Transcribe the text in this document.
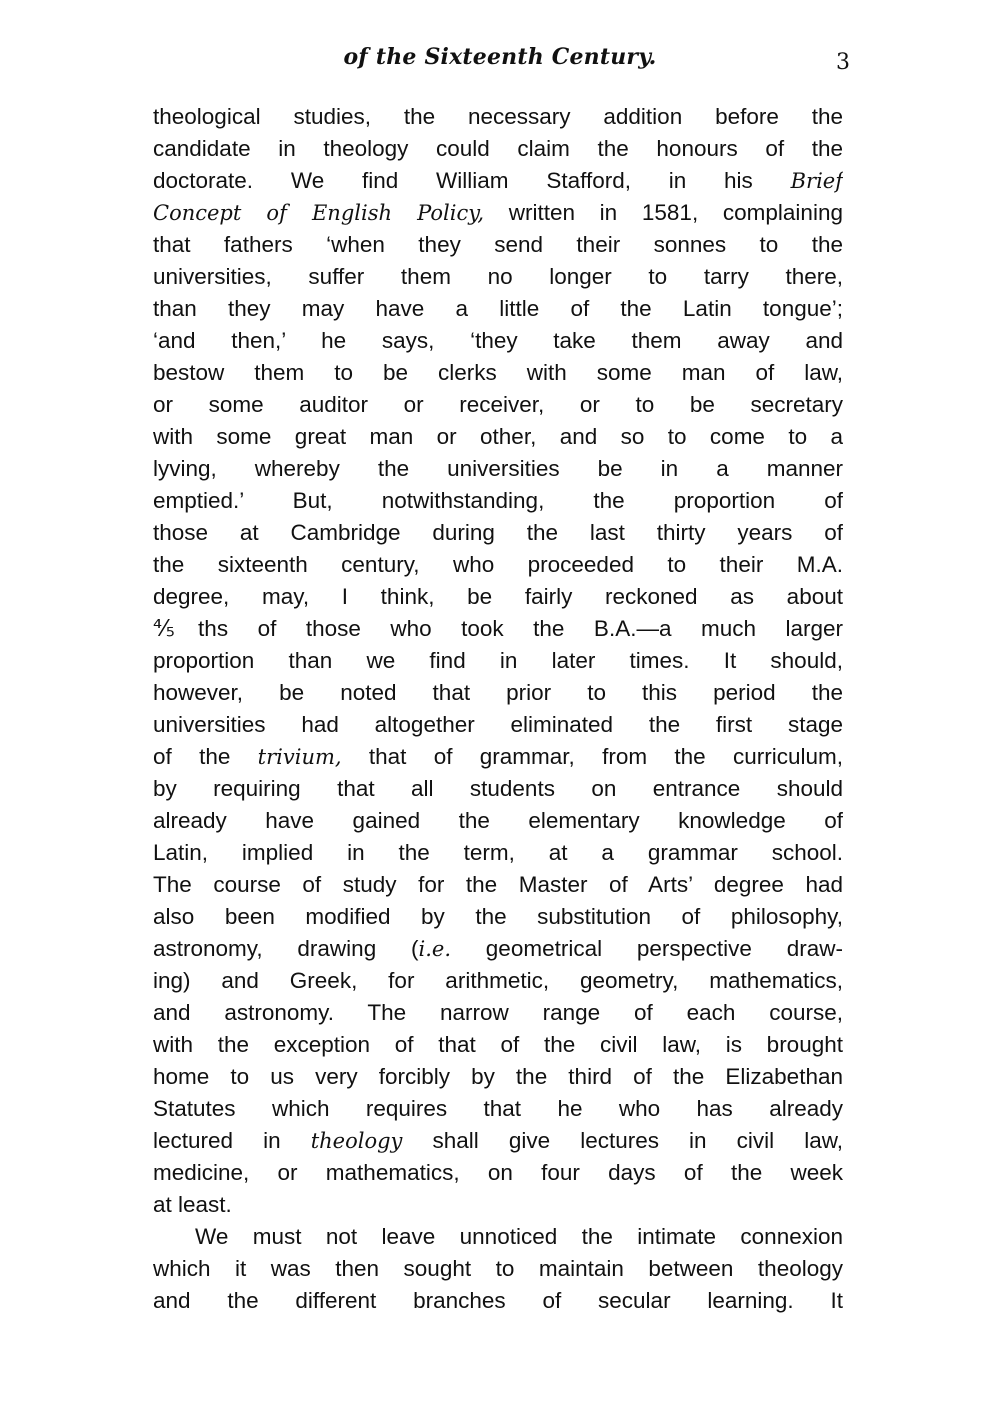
of the Sixteenth Century.	3
theological studies, the necessary addition before the
candidate in theology could claim the honours of the
doctorate. We find William Stafford, in his Brief
Concept of English Policy, written in 1581, complaining
that fathers ‘when they send their sonnes to the
universities, suffer them no longer to tarry there,
than they may have a little of the Latin tongue’;
‘and then,’ he says, ‘they take them away and
bestow them to be clerks with some man of law,
or some auditor or receiver, or to be secretary
with some great man or other, and so to come to a
lyving, whereby the universities be in a manner
emptied.’ But, notwithstanding, the proportion of
those at Cambridge during the last thirty years of
the sixteenth century, who proceeded to their M.A.
degree, may, I think, be fairly reckoned as about
⅘ths of those who took the B.A.—a much larger
proportion than we find in later times. It should,
however, be noted that prior to this period the
universities had altogether eliminated the first stage
of the trivium, that of grammar, from the curriculum,
by requiring that all students on entrance should
already have gained the elementary knowledge of
Latin, implied in the term, at a grammar school.
The course of study for the Master of Arts’ degree had
also been modified by the substitution of philosophy,
astronomy, drawing (i.e. geometrical perspective draw-
ing) and Greek, for arithmetic, geometry, mathematics,
and astronomy. The narrow range of each course,
with the exception of that of the civil law, is brought
home to us very forcibly by the third of the Elizabethan
Statutes which requires that he who has already
lectured in theology shall give lectures in civil law,
medicine, or mathematics, on four days of the week
at least.
We must not leave unnoticed the intimate connexion
which it was then sought to maintain between theology
and the different branches of secular learning. It
